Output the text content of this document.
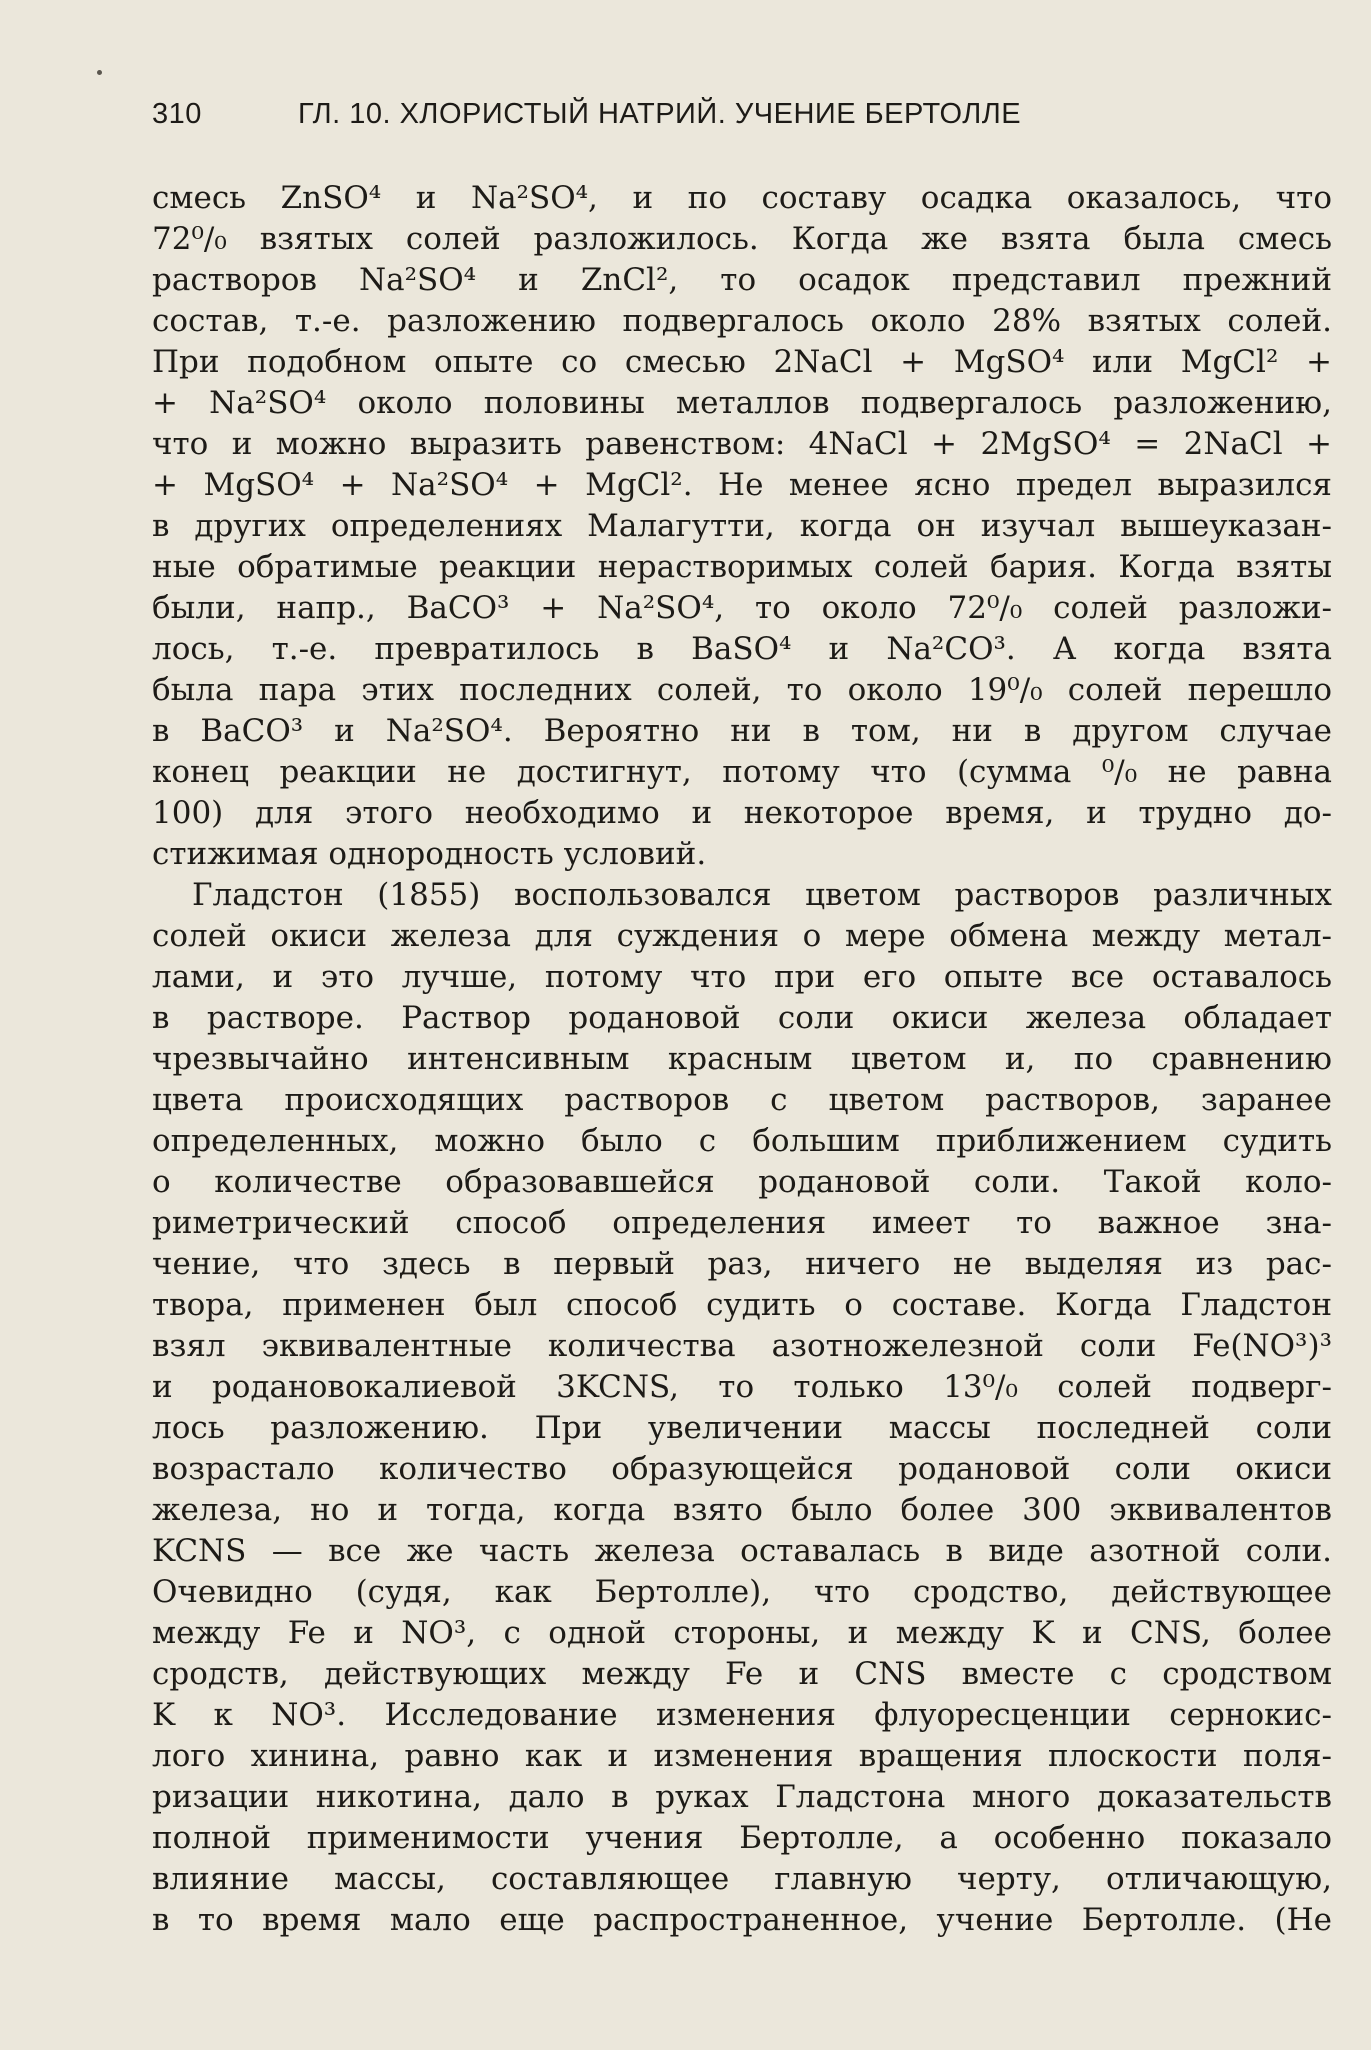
310	ГЛ. 10. ХЛОРИСТЫЙ НАТРИЙ. УЧЕНИЕ БЕРТОЛЛЕ
смесь ZnSO⁴ и Na²SO⁴, и по составу осадка оказалось, что
72⁰/₀ взятых солей разложилось. Когда же взята была смесь
растворов Na²SO⁴ и ZnCl², то осадок представил прежний
состав, т.-е. разложению подвергалось около 28% взятых солей.
При подобном опыте со смесью 2NaCl + MgSO⁴ или MgCl² +
+ Na²SO⁴ около половины металлов подвергалось разложению,
что и можно выразить равенством: 4NaCl + 2MgSO⁴ = 2NaCl +
+ MgSO⁴ + Na²SO⁴ + MgCl². Не менее ясно предел выразился
в других определениях Малагутти, когда он изучал вышеуказан-
ные обратимые реакции нерастворимых солей бария. Когда взяты
были, напр., BaCO³ + Na²SO⁴, то около 72⁰/₀ солей разложи-
лось, т.-е. превратилось в BaSO⁴ и Na²CO³. А когда взята
была пара этих последних солей, то около 19⁰/₀ солей перешло
в BaCO³ и Na²SO⁴. Вероятно ни в том, ни в другом случае
конец реакции не достигнут, потому что (сумма ⁰/₀ не равна
100) для этого необходимо и некоторое время, и трудно до-
стижимая однородность условий.
Гладстон (1855) воспользовался цветом растворов различных
солей окиси железа для суждения о мере обмена между метал-
лами, и это лучше, потому что при его опыте все оставалось
в растворе. Раствор родановой соли окиси железа обладает
чрезвычайно интенсивным красным цветом и, по сравнению
цвета происходящих растворов с цветом растворов, заранее
определенных, можно было с большим приближением судить
о количестве образовавшейся родановой соли. Такой коло-
риметрический способ определения имеет то важное зна-
чение, что здесь в первый раз, ничего не выделяя из рас-
твора, применен был способ судить о составе. Когда Гладстон
взял эквивалентные количества азотножелезной соли Fe(NO³)³
и родановокалиевой 3KCNS, то только 13⁰/₀ солей подверг-
лось разложению. При увеличении массы последней соли
возрастало количество образующейся родановой соли окиси
железа, но и тогда, когда взято было более 300 эквивалентов
KCNS — все же часть железа оставалась в виде азотной соли.
Очевидно (судя, как Бертолле), что сродство, действующее
между Fe и NO³, с одной стороны, и между K и CNS, более
сродств, действующих между Fe и CNS вместе с сродством
K к NO³. Исследование изменения флуоресценции сернокис-
лого хинина, равно как и изменения вращения плоскости поля-
ризации никотина, дало в руках Гладстона много доказательств
полной применимости учения Бертолле, а особенно показало
влияние массы, составляющее главную черту, отличающую,
в то время мало еще распространенное, учение Бертолле. (Не
